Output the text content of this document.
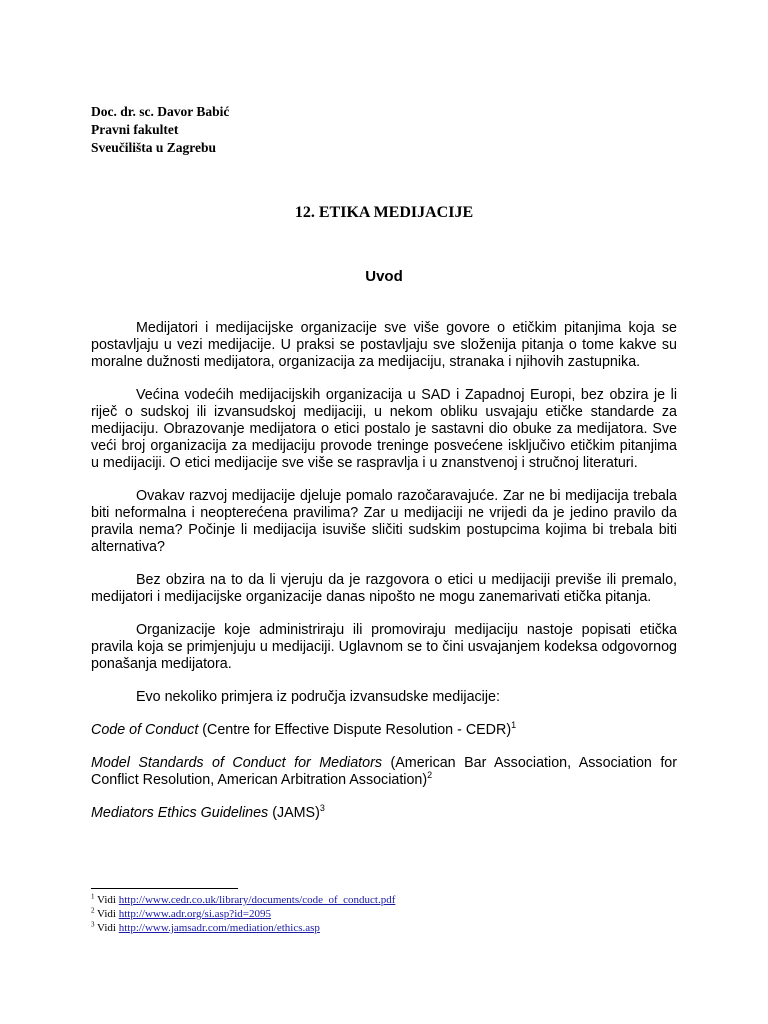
Doc. dr. sc. Davor Babić
Pravni fakultet
Sveučilišta u Zagrebu
12. ETIKA MEDIJACIJE
Uvod

Medijatori i medijacijske organizacije sve više govore o etičkim pitanjima koja se postavljaju u vezi medijacije. U praksi se postavljaju sve složenija pitanja o tome kakve su moralne dužnosti medijatora, organizacija za medijaciju, stranaka i njihovih zastupnika.

Većina vodećih medijacijskih organizacija u SAD i Zapadnoj Europi, bez obzira je li riječ o sudskoj ili izvansudskoj medijaciji, u nekom obliku usvajaju etičke standarde za medijaciju. Obrazovanje medijatora o etici postalo je sastavni dio obuke za medijatora. Sve veći broj organizacija za medijaciju provode treninge posvećene isključivo etičkim pitanjima u medijaciji. O etici medijacije sve više se raspravlja i u znanstvenoj i stručnoj literaturi.

Ovakav razvoj medijacije djeluje pomalo razočaravajuće. Zar ne bi medijacija trebala biti neformalna i neopterećena pravilima? Zar u medijaciji ne vrijedi da je jedino pravilo da pravila nema? Počinje li medijacija isuviše sličiti sudskim postupcima kojima bi trebala biti alternativa?

Bez obzira na to da li vjeruju da je razgovora o etici u medijaciji previše ili premalo, medijatori i medijacijske organizacije danas nipošto ne mogu zanemarivati etička pitanja.

Organizacije koje administriraju ili promoviraju medijaciju nastoje popisati etička pravila koja se primjenjuju u medijaciji. Uglavnom se to čini usvajanjem kodeksa odgovornog ponašanja medijatora.

Evo nekoliko primjera iz područja izvansudske medijacije:

Code of Conduct (Centre for Effective Dispute Resolution - CEDR)$^1$

Model Standards of Conduct for Mediators (American Bar Association, Association for Conflict Resolution, American Arbitration Association)$^2$

Mediators Ethics Guidelines (JAMS)$^3$

$^1$ Vidi http://www.cedr.co.uk/library/documents/code_of_conduct.pdf
$^2$ Vidi http://www.adr.org/si.asp?id=2095
$^3$ Vidi http://www.jamsadr.com/mediation/ethics.asp
